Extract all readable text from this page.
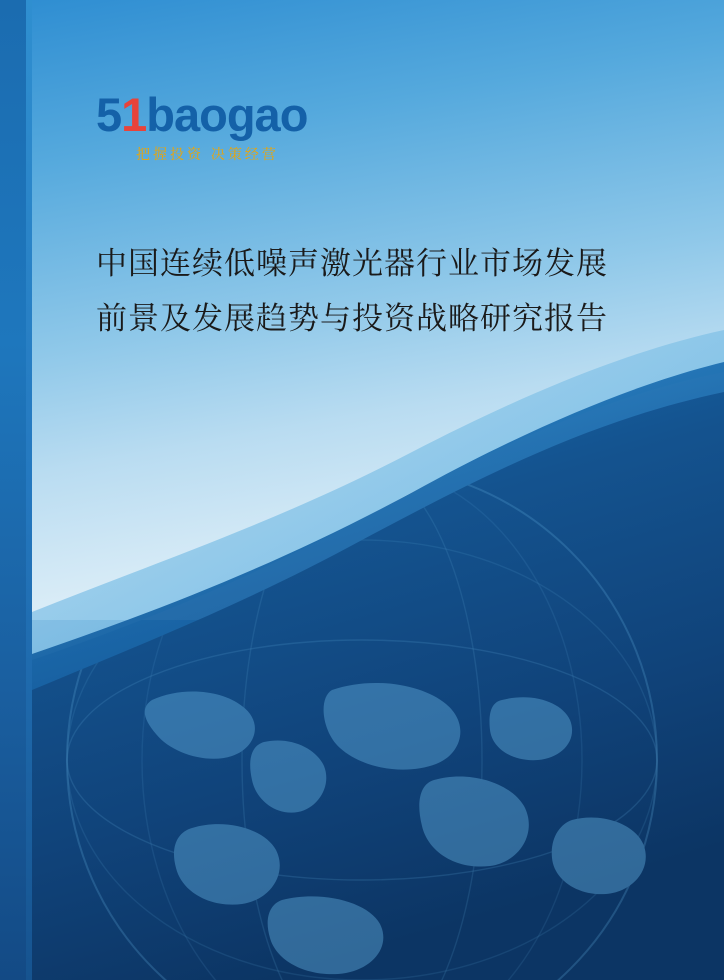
51baogao
把握投资 决策经营
中国连续低噪声激光器行业市场发展
前景及发展趋势与投资战略研究报告
